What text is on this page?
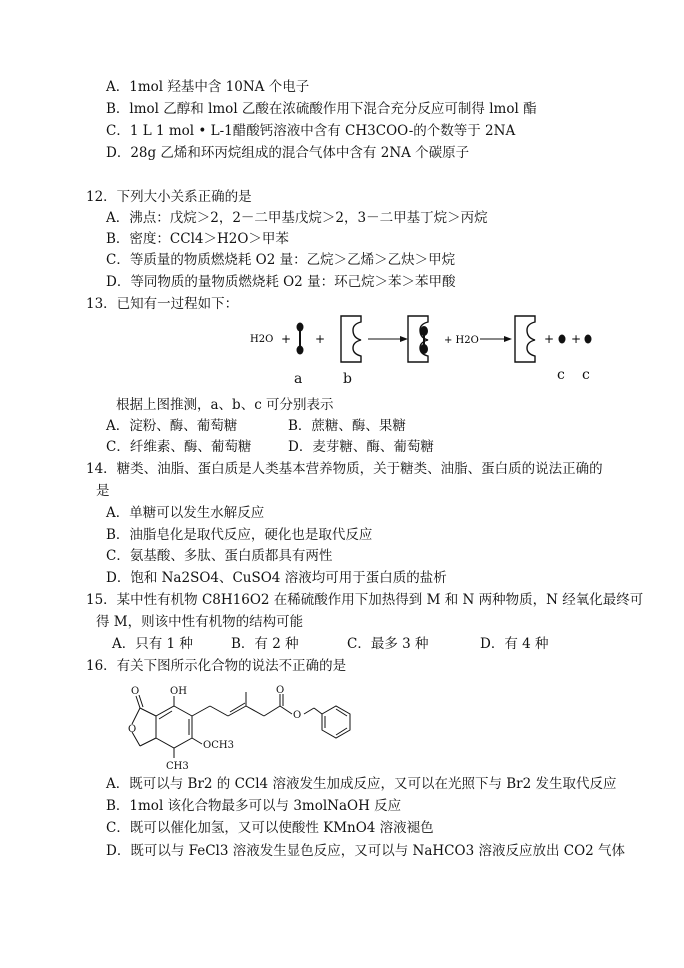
A．1mol 羟基中含 10NA 个电子
B．lmol 乙醇和 lmol 乙酸在浓硫酸作用下混合充分反应可制得 lmol 酯
C．1 L 1 mol • L-1醋酸钙溶液中含有 CH3COO-的个数等于 2NA
D．28g 乙烯和环丙烷组成的混合气体中含有 2NA 个碳原子
12．下列大小关系正确的是
A．沸点：戊烷＞2，2－二甲基戊烷＞2，3－二甲基丁烷＞丙烷
B．密度：CCl4＞H2O＞甲苯
C．等质量的物质燃烧耗 O2 量：乙烷＞乙烯＞乙炔＞甲烷
D．等同物质的量物质燃烧耗 O2 量：环己烷＞苯＞苯甲酸
13．已知有一过程如下：
H2O + +	+ H2O	+ +
a	b	c c
根据上图推测，a、b、c 可分别表示
A．淀粉、酶、葡萄糖	B．蔗糖、酶、果糖
C．纤维素、酶、葡萄糖	D．麦芽糖、酶、葡萄糖
14．糖类、油脂、蛋白质是人类基本营养物质，关于糖类、油脂、蛋白质的说法正确的
是
A．单糖可以发生水解反应
B．油脂皂化是取代反应，硬化也是取代反应
C．氨基酸、多肽、蛋白质都具有两性
D．饱和 Na2SO4、CuSO4 溶液均可用于蛋白质的盐析
15．某中性有机物 C8H16O2 在稀硫酸作用下加热得到 M 和 N 两种物质，N 经氧化最终可
得 M，则该中性有机物的结构可能
A．只有 1 种	B．有 2 种	C．最多 3 种	D．有 4 种
16．有关下图所示化合物的说法不正确的是
OH
O
O	O
O
OCH3
CH3
A．既可以与 Br2 的 CCl4 溶液发生加成反应，又可以在光照下与 Br2 发生取代反应
B．1mol 该化合物最多可以与 3molNaOH 反应
C．既可以催化加氢，又可以使酸性 KMnO4 溶液褪色
D．既可以与 FeCl3 溶液发生显色反应，又可以与 NaHCO3 溶液反应放出 CO2 气体
